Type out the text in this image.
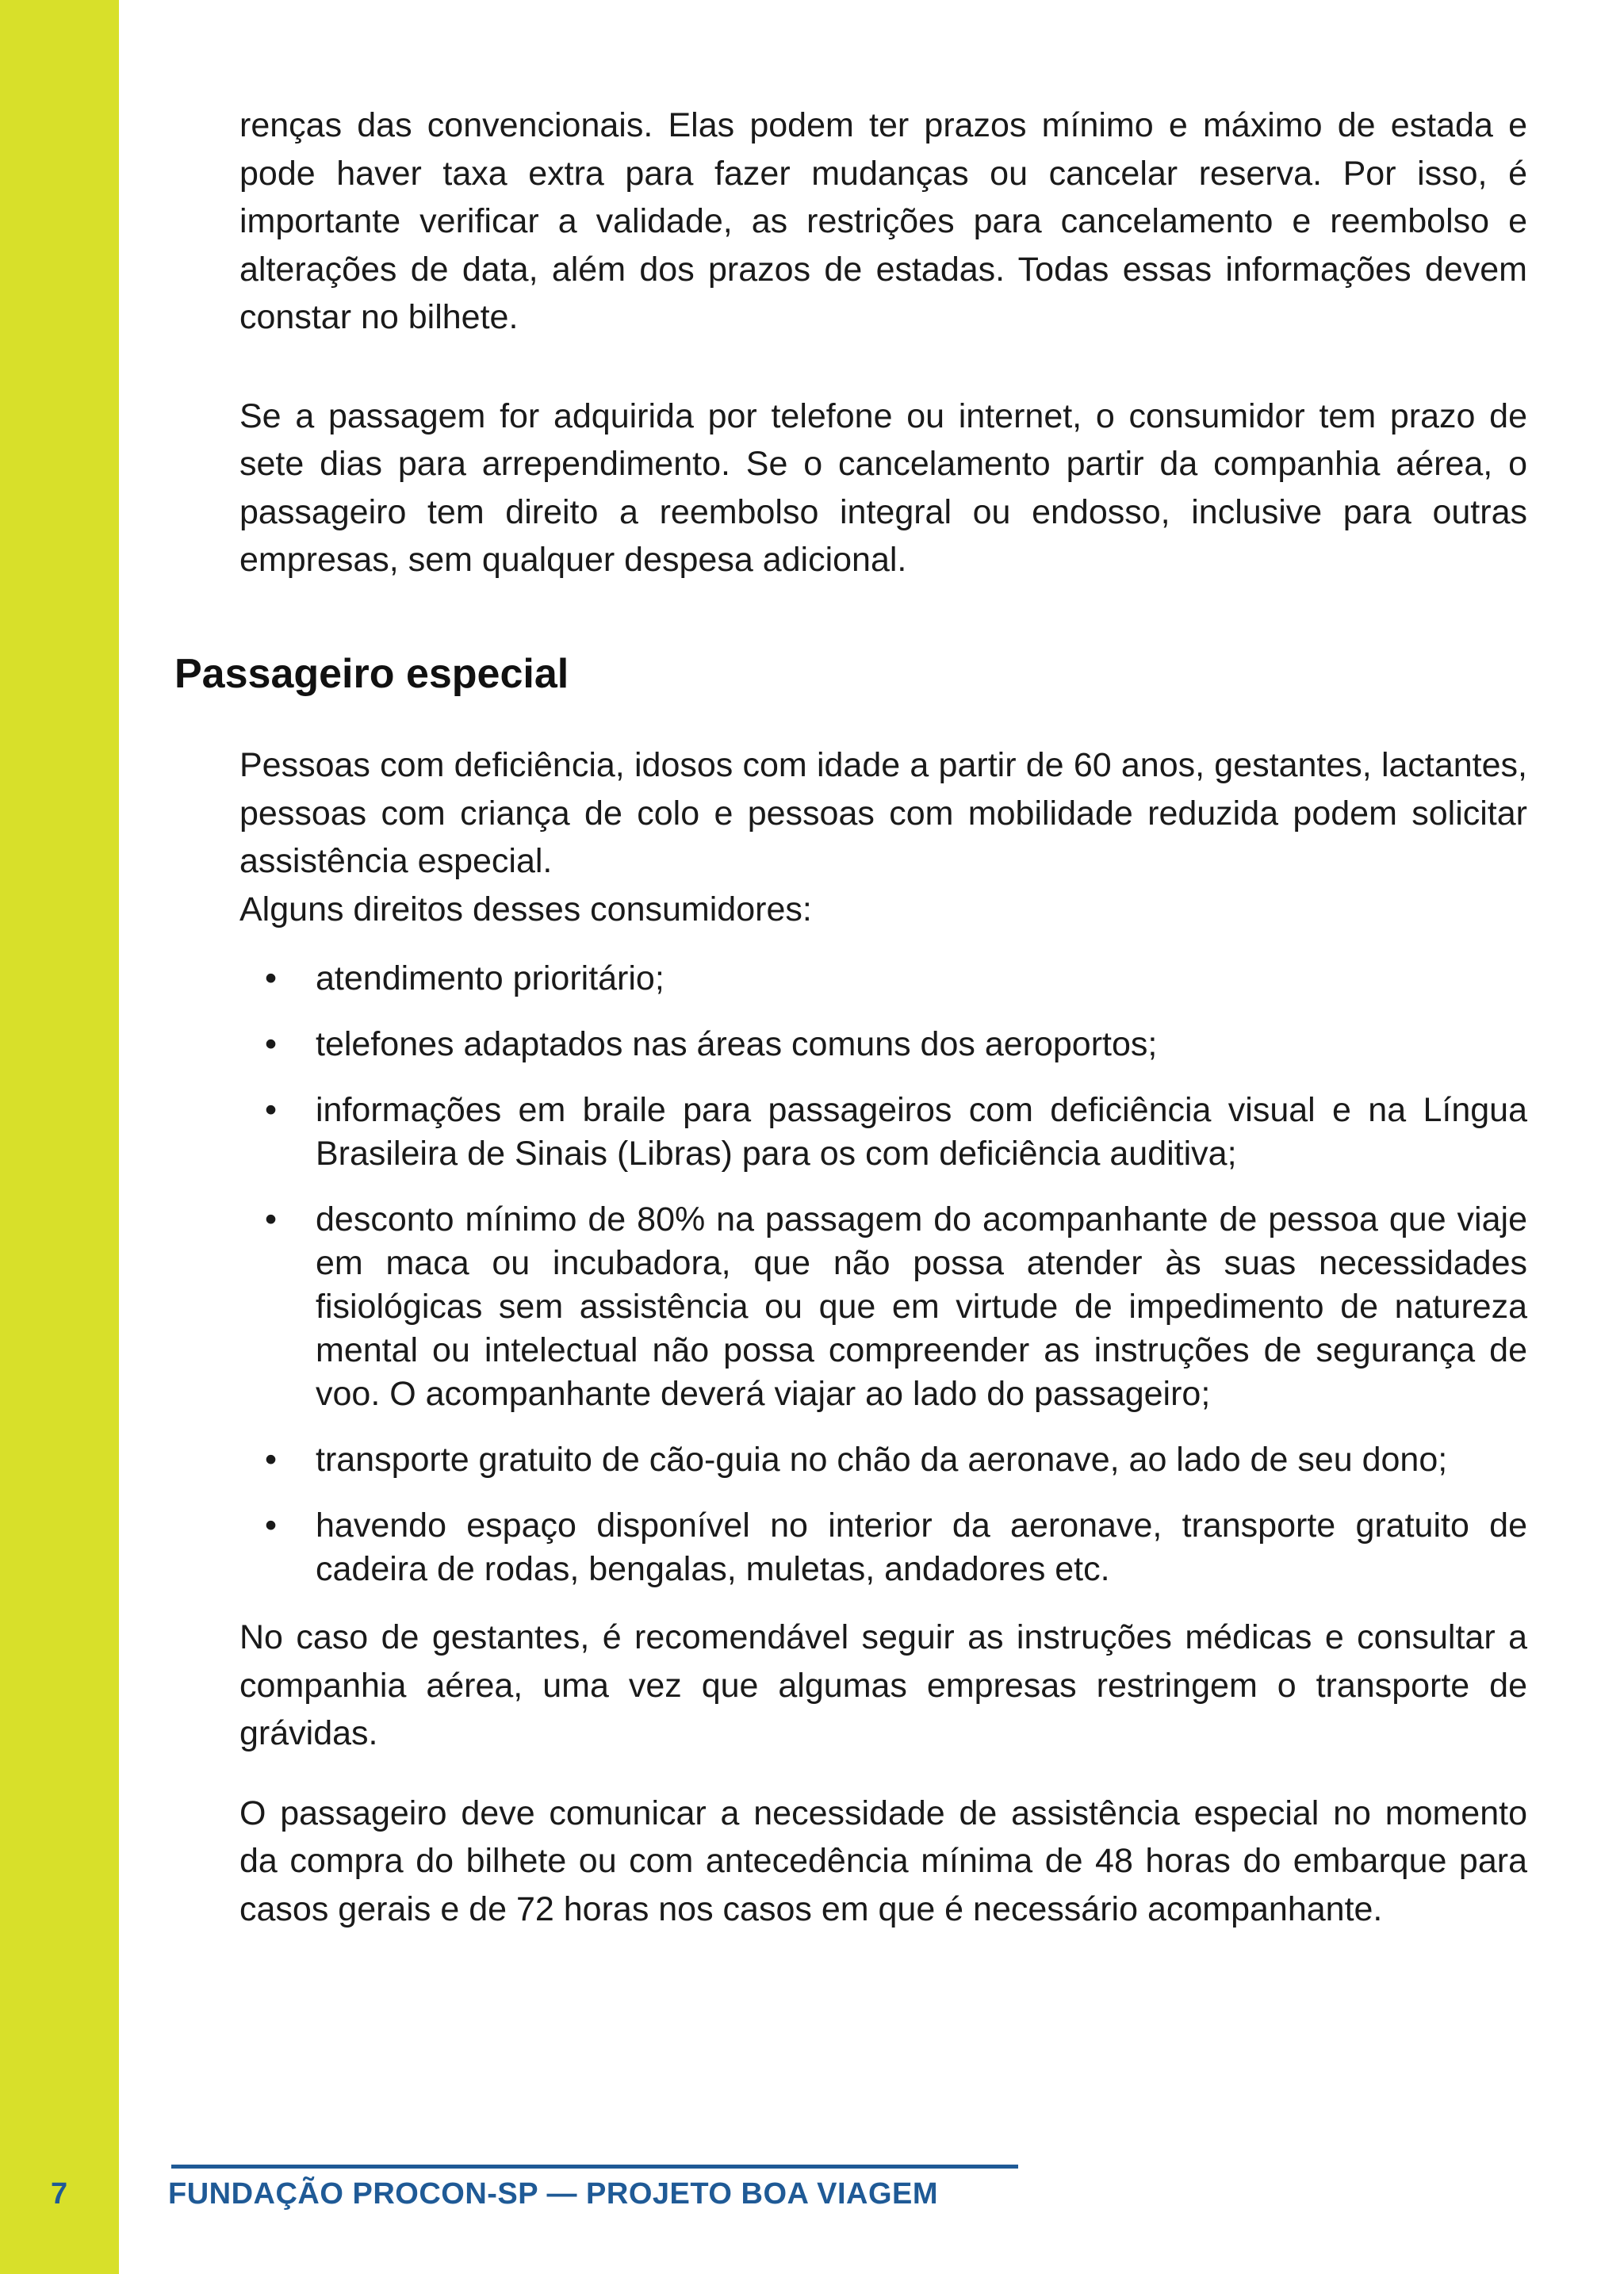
renças das convencionais. Elas podem ter prazos mínimo e máximo de estada e pode haver taxa extra para fazer mudanças ou cancelar reserva. Por isso, é importante verificar a validade, as restrições para cancelamento e reembolso e alterações de data, além dos prazos de estadas. Todas essas informações devem constar no bilhete.

Se a passagem for adquirida por telefone ou internet, o consumidor tem prazo de sete dias para arrependimento. Se o cancelamento partir da companhia aérea, o passageiro tem direito a reembolso integral ou endosso, inclusive para outras empresas, sem qualquer despesa adicional.

Passageiro especial

Pessoas com deficiência, idosos com idade a partir de 60 anos, gestantes, lactantes, pessoas com criança de colo e pessoas com mobilidade reduzida podem solicitar assistência especial.

Alguns direitos desses consumidores:

•	atendimento prioritário;
•	telefones adaptados nas áreas comuns dos aeroportos;
•	informações em braile para passageiros com deficiência visual e na Língua Brasileira de Sinais (Libras) para os com deficiência auditiva;
•	desconto mínimo de 80% na passagem do acompanhante de pessoa que viaje em maca ou incubadora, que não possa atender às suas necessidades fisiológicas sem assistência ou que em virtude de impedimento de natureza mental ou intelectual não possa compreender as instruções de segurança de voo. O acompanhante deverá viajar ao lado do passageiro;
•	transporte gratuito de cão-guia no chão da aeronave, ao lado de seu dono;
•	havendo espaço disponível no interior da aeronave, transporte gratuito de cadeira de rodas, bengalas, muletas, andadores etc.

No caso de gestantes, é recomendável seguir as instruções médicas e consultar a companhia aérea, uma vez que algumas empresas restringem o transporte de grávidas.

O passageiro deve comunicar a necessidade de assistência especial no momento da compra do bilhete ou com antecedência mínima de 48 horas do embarque para casos gerais e de 72 horas nos casos em que é necessário acompanhante.

7	FUNDAÇÃO PROCON-SP — PROJETO BOA VIAGEM
